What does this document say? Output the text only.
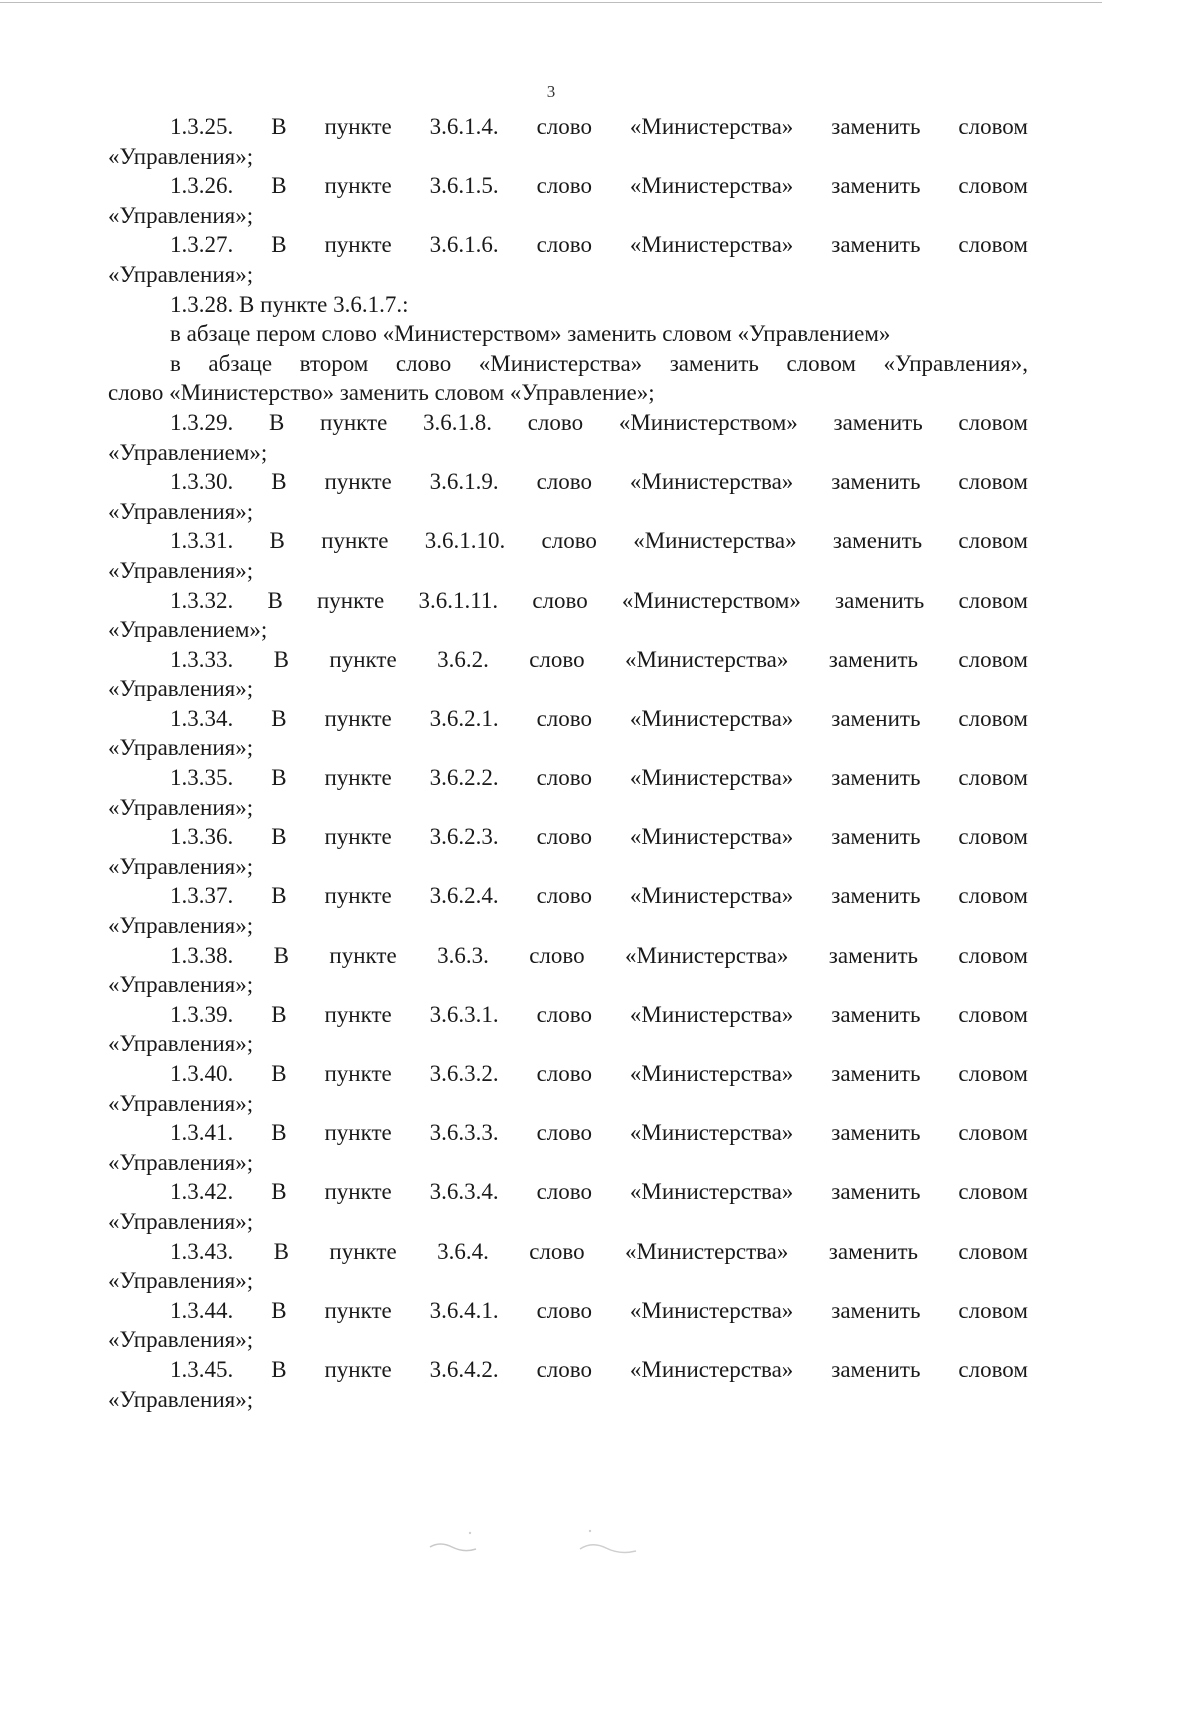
3
1.3.25. В пункте 3.6.1.4. слово «Министерства» заменить словом
«Управления»;
1.3.26. В пункте 3.6.1.5. слово «Министерства» заменить словом
«Управления»;
1.3.27. В пункте 3.6.1.6. слово «Министерства» заменить словом
«Управления»;
1.3.28. В пункте 3.6.1.7.:
в абзаце пером слово «Министерством» заменить словом «Управлением»
в абзаце втором слово «Министерства» заменить словом «Управления»,
слово «Министерство» заменить словом «Управление»;
1.3.29. В пункте 3.6.1.8. слово «Министерством» заменить словом
«Управлением»;
1.3.30. В пункте 3.6.1.9. слово «Министерства» заменить словом
«Управления»;
1.3.31. В пункте 3.6.1.10. слово «Министерства» заменить словом
«Управления»;
1.3.32. В пункте 3.6.1.11. слово «Министерством» заменить словом
«Управлением»;
1.3.33. В пункте 3.6.2. слово «Министерства» заменить словом
«Управления»;
1.3.34. В пункте 3.6.2.1. слово «Министерства» заменить словом
«Управления»;
1.3.35. В пункте 3.6.2.2. слово «Министерства» заменить словом
«Управления»;
1.3.36. В пункте 3.6.2.3. слово «Министерства» заменить словом
«Управления»;
1.3.37. В пункте 3.6.2.4. слово «Министерства» заменить словом
«Управления»;
1.3.38. В пункте 3.6.3. слово «Министерства» заменить словом
«Управления»;
1.3.39. В пункте 3.6.3.1. слово «Министерства» заменить словом
«Управления»;
1.3.40. В пункте 3.6.3.2. слово «Министерства» заменить словом
«Управления»;
1.3.41. В пункте 3.6.3.3. слово «Министерства» заменить словом
«Управления»;
1.3.42. В пункте 3.6.3.4. слово «Министерства» заменить словом
«Управления»;
1.3.43. В пункте 3.6.4. слово «Министерства» заменить словом
«Управления»;
1.3.44. В пункте 3.6.4.1. слово «Министерства» заменить словом
«Управления»;
1.3.45. В пункте 3.6.4.2. слово «Министерства» заменить словом
«Управления»;
